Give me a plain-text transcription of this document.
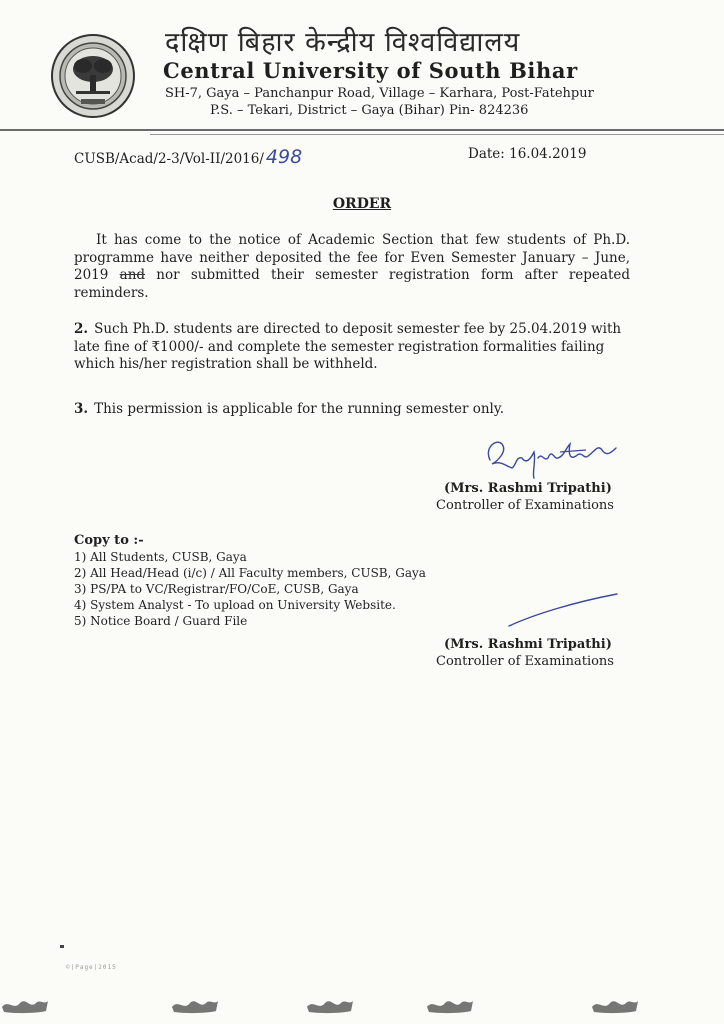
दक्षिण बिहार केन्द्रीय विश्वविद्यालय
Central University of South Bihar
SH-7, Gaya – Panchanpur Road, Village – Karhara, Post-Fatehpur
P.S. – Tekari, District – Gaya (Bihar) Pin- 824236
CUSB/Acad/2-3/Vol-II/2016/ 498	Date: 16.04.2019
ORDER
It has come to the notice of Academic Section that few students of Ph.D. programme have neither deposited the fee for Even Semester January – June, 2019 and nor submitted their semester registration form after repeated reminders.
2. Such Ph.D. students are directed to deposit semester fee by 25.04.2019 with late fine of ₹1000/- and complete the semester registration formalities failing which his/her registration shall be withheld.
3. This permission is applicable for the running semester only.
(Mrs. Rashmi Tripathi)
Controller of Examinations
Copy to :-
1) All Students, CUSB, Gaya
2) All Head/Head (i/c) / All Faculty members, CUSB, Gaya
3) PS/PA to VC/Registrar/FO/CoE, CUSB, Gaya
4) System Analyst - To upload on University Website.
5) Notice Board / Guard File
(Mrs. Rashmi Tripathi)
Controller of Examinations
©|Page|2015
